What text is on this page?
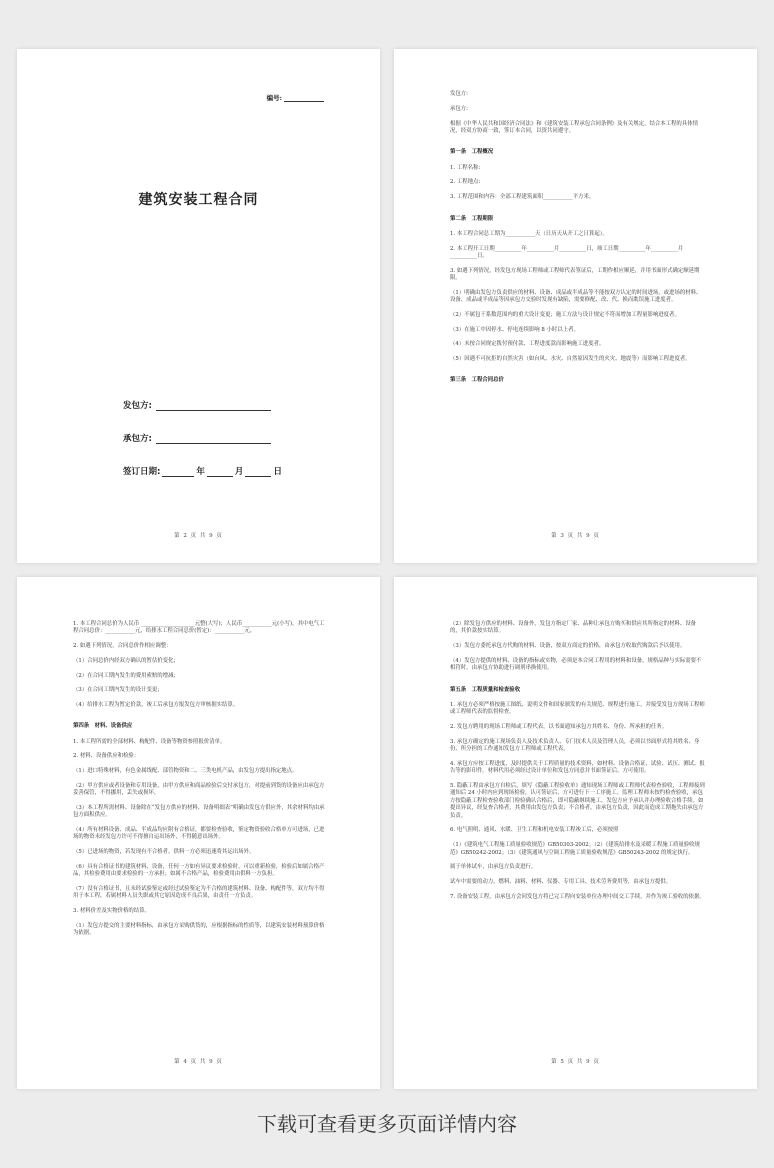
编号:
建筑安装工程合同
发包方:
承包方:
签订日期:	年	月	日
第 2 页 共 9 页

发包方:

承包方:

根据《中华人民共和国经济合同法》和《建筑安装工程承包合同条例》及有关规定，结合本工程的具体情况，经双方协商一致，签订本合同，以资共同遵守。

第一条　工程概况

1. 工程名称:

2. 工程地点:

3. 工程范围和内容：全部工程建筑面积___________平方米。

第二条　工程期限

1. 本工程合同总工期为___________天（日历天从开工之日算起）。

2. 本工程开工日期__________年__________月__________日，竣工日期__________年__________月__________日。

3. 如遇下列情况，经发包方现场工程师或工程师代表签证后，工期作相应顺延，并用书面形式确定顺延期限。

（1）明确由发包方负责供应的材料、设备、成品或半成品等不能按双方认定的时间进场，或进场的材料、设备、成品或半成品等因承包方交验时发现有缺陷，需要修配、改、代、换而耽误施工进度者。

（2）不属包干系数范围内的重大设计变更；施工方法与设计规定不符而增加工程量影响进度者。

（3）在施工中因停水、停电连续影响 8 小时以上者。

（4）未按合同规定拨付预付款、工程进度款而影响施工进度者。

（5）因遇不可抗拒的自然灾害（如台风、水灾、自然原因发生的火灾、地震等）而影响工程进度者。

第三条　工程合同总价

第 3 页 共 9 页

1. 本工程合同总价为人民币 ____________________元整(大写)；人民币___________元(小写)，其中电气工程合同总价：___________元，给排水工程合同总价(暂定)：___________元。

2. 如遇下列情况，合同总价作相应调整：

（1）合同总价内经双方确认的暂估价变化；

（2）在合同工期内发生的费用索赔的增减；

（3）在合同工期内发生的设计变更；

（4）给排水工程为暂定价款，竣工后承包方报发包方审核据实结算。

第四条　材料、设备供应

1. 本工程所需的全部材料、构配件、设备等物资参照报价清单。

2. 材料、设备供应和检验：

（1）进口特殊材料，有色金属线配、部管物资和二、三类电机产品，由发包方提出指定地点。

（2）甲方供应或者设备和专用设备，由甲方供应和商品检验后交付承包方，对提前到货的设备应由承包方妥善保管，不得挪用，丢失或损坏。

（3）本工程所需材料、设备除在“发包方供应的材料、设备明细表”明确由发包方供应外，其余材料均由承包方面积供应。

（4）所有材料设备、成品、半成品均应附有合格证，都要检查验收，鉴定物资验收合格单方可进场，已进场的物资未经发包方许可不得擅自运出场外，不得随意出场外。

（5）已进场的物资，若发现有不合格者，供料一方必须迅速将其运出场外。

（6）具有合格证书的建筑材料、设备，任何一方如有异议要求检验时，可以重新检验，检验后如属合格产品，其检验费用由要求检验的一方承担；如属不合格产品，检验费用由供料一方负担。

（7）没有合格证书，且未经试验鉴定或经过试验鉴定为不合格的建筑材料、设备、构配件等，双方均不得用于本工程，若属材料人员失职或其它原因造成不良后果，由责任一方负责。

3. 材料价差及实物价格的结算。

（1）发包方提交的主要材料指标，由承包方采购供货的，应根据指标的性质等，以建筑安装材料预算价格为依据。

第 4 页 共 9 页

（2）除发包方供应的材料、设备外，发包方指定厂家、品种让承包方购买和供应其所指定的材料、设备的，其价款按实结算。

（3）发包方委托承包方代购的材料、设备，按双方商定的价格，由承包方收取代购款后予以使用。

（4）发包方提供的材料、设备的指标或实物，必须是本合同工程用的材料和设备，规格品种与实际需要不相符时，由承包方协助进行调剂串换使用。

第五条　工程质量和检查验收

1. 承包方必须严格按施工图纸、说明文件和国家颁发的有关规范、规程进行施工，并接受发包方现场工程师或工程师代表的监督检查。

2. 发包方聘用的现场工程师或工程代表，以书面通知承包方其姓名、身份、所承担的任务。

3. 承包方确定的施工现场负责人及技术负责人、专门技术人员及管理人员，必须以书面形式将其姓名、身份、所分担的工作通知发包方工程师或工程代表。

4. 承包方应按工程进度，及时提供关于工程质量的技术资料，如材料、设备合格证、试验、试压、测试、报告等的影印件。材料代用必须经过设计单位和发包方同意并书面签证后，方可使用。

5. 隐蔽工程由承包方自检后，填写《隐蔽工程验收单》通知现场工程师或工程师代表检查验收，工程师接到通知后 24 小时内应到现场检验，认可签证后，方可进行下一工序施工。监理工程师未按约检查验收，承包方按隐蔽工程检查验收部门检验确认合格后，即可隐蔽继续施工，发包方应予承认并办理验收合格手续。如提出异议，经复查合格者，其费用由发包方负责；不合格者，由承包方负责，因此而造成工期拖失由承包方负责。

6. 电气照明、通风、水暖、卫生工程和机电安装工程竣工后，必须按照

（1）《建筑电气工程施工质量验收规范》GB50303-2002；（2）《建筑给排水及采暖工程施工质量验收规范》GB50242-2002；（3）《建筑通风与空调工程施工质量验收规范》GB50243-2002 的规定执行。

属于单体试车，由承包方负责进行。

试车中需要的动力、燃料、油料、材料、仪器、专用工具、技术劳务费用等，由承包方提供。

7. 设备安装工程，由承包方会同发包方将已完工程向安装单位办理中间交工手续，并作为竣工验收的依据。

第 5 页 共 9 页
下载可查看更多页面详情内容
